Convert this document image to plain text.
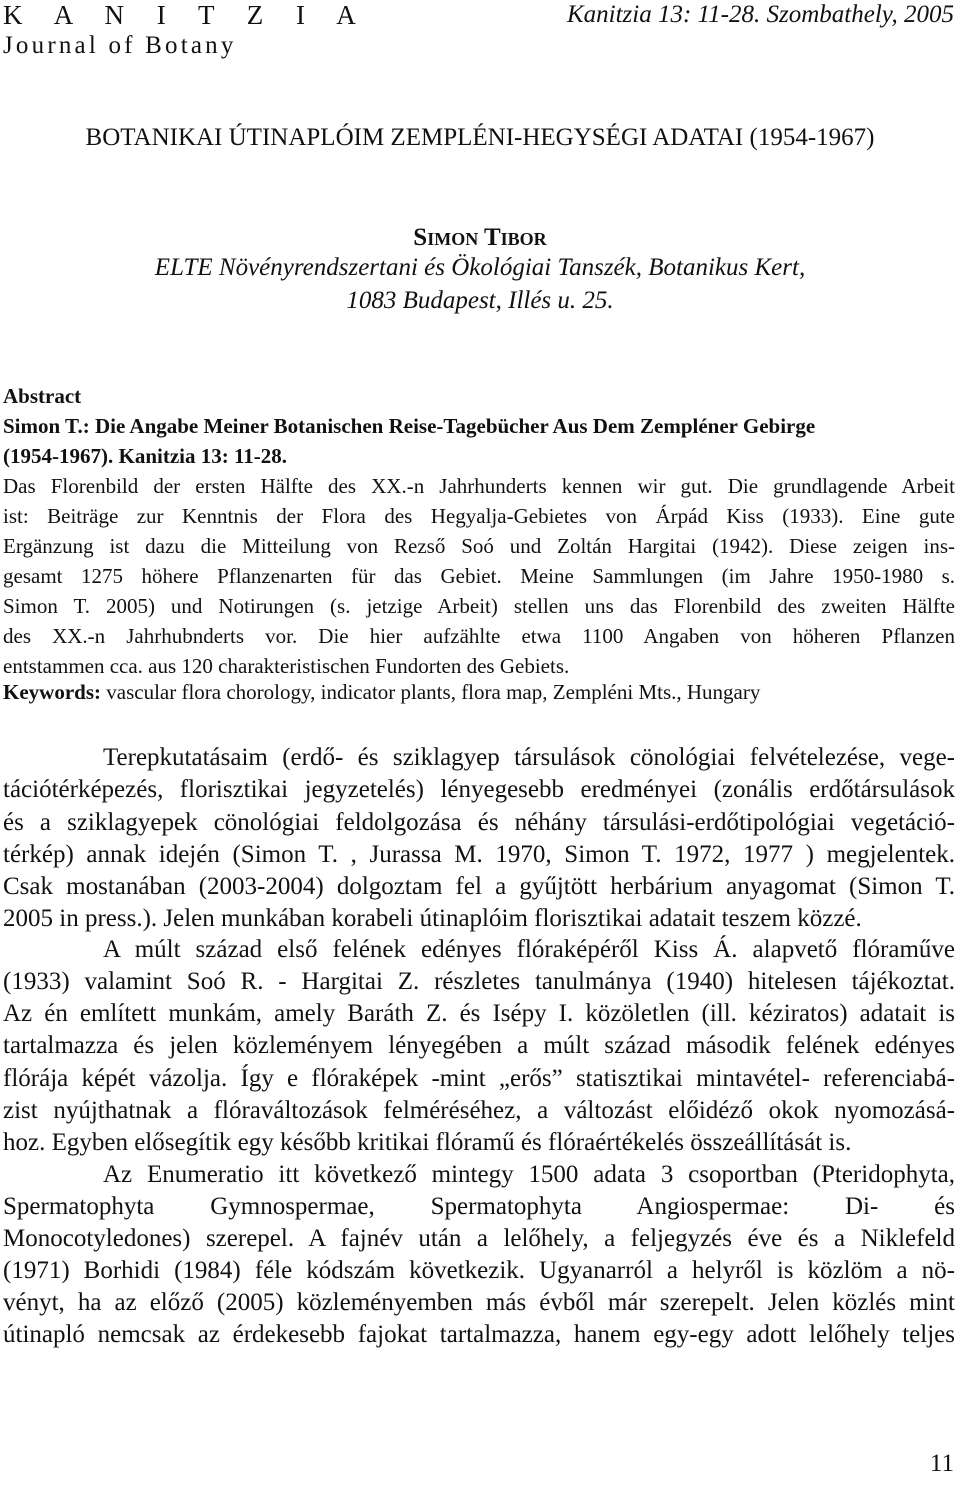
K A N I T Z I A
Journal of Botany
Kanitzia 13: 11-28. Szombathely, 2005
BOTANIKAI ÚTINAPLÓIM ZEMPLÉNI-HEGYSÉGI ADATAI (1954-1967)
Simon Tibor
ELTE Növényrendszertani és Ökológiai Tanszék, Botanikus Kert,
1083 Budapest, Illés u. 25.
Abstract
Simon T.: Die Angabe Meiner Botanischen Reise-Tagebücher Aus Dem Zempléner Gebirge
(1954-1967). Kanitzia 13: 11-28.
Das Florenbild der ersten Hälfte des XX.-n Jahrhunderts kennen wir gut. Die grundlagende Arbeit
ist: Beiträge zur Kenntnis der Flora des Hegyalja-Gebietes von Árpád Kiss (1933). Eine gute
Ergänzung ist dazu die Mitteilung von Rezső Soó und Zoltán Hargitai (1942). Diese zeigen ins-
gesamt 1275 höhere Pflanzenarten für das Gebiet. Meine Sammlungen (im Jahre 1950-1980 s.
Simon T. 2005) und Notirungen (s. jetzige Arbeit) stellen uns das Florenbild des zweiten Hälfte
des XX.-n Jahrhubnderts vor. Die hier aufzählte etwa 1100 Angaben von höheren Pflanzen
entstammen cca. aus 120 charakteristischen Fundorten des Gebiets.
Keywords: vascular flora chorology, indicator plants, flora map, Zempléni Mts., Hungary
Terepkutatásaim (erdő- és sziklagyep társulások cönológiai felvételezése, vege-
tációtérképezés, florisztikai jegyzetelés) lényegesebb eredményei (zonális erdőtársulások
és a sziklagyepek cönológiai feldolgozása és néhány társulási-erdőtipológiai vegetáció-
térkép) annak idején (Simon T. , Jurassa M. 1970, Simon T. 1972, 1977 ) megjelentek.
Csak mostanában (2003-2004) dolgoztam fel a gyűjtött herbárium anyagomat (Simon T.
2005 in press.). Jelen munkában korabeli útinaplóim florisztikai adatait teszem közzé.
A múlt század első felének edényes flóraképéről Kiss Á. alapvető flóraműve
(1933) valamint Soó R. - Hargitai Z. részletes tanulmánya (1940) hitelesen tájékoztat.
Az én említett munkám, amely Baráth Z. és Isépy I. közöletlen (ill. kéziratos) adatait is
tartalmazza és jelen közleményem lényegében a múlt század második felének edényes
flórája képét vázolja. Így e flóraképek -mint „erős” statisztikai mintavétel- referenciabá-
zist nyújthatnak a flóraváltozások felméréséhez, a változást előidéző okok nyomozásá-
hoz. Egyben elősegítik egy később kritikai flóramű és flóraértékelés összeállítását is.
Az Enumeratio itt következő mintegy 1500 adata 3 csoportban (Pteridophyta,
Spermatophyta Gymnospermae, Spermatophyta Angiospermae: Di- és
Monocotyledones) szerepel. A fajnév után a lelőhely, a feljegyzés éve és a Niklefeld
(1971) Borhidi (1984) féle kódszám következik. Ugyanarról a helyről is közlöm a nö-
vényt, ha az előző (2005) közleményemben más évből már szerepelt. Jelen közlés mint
útinapló nemcsak az érdekesebb fajokat tartalmazza, hanem egy-egy adott lelőhely teljes
11
